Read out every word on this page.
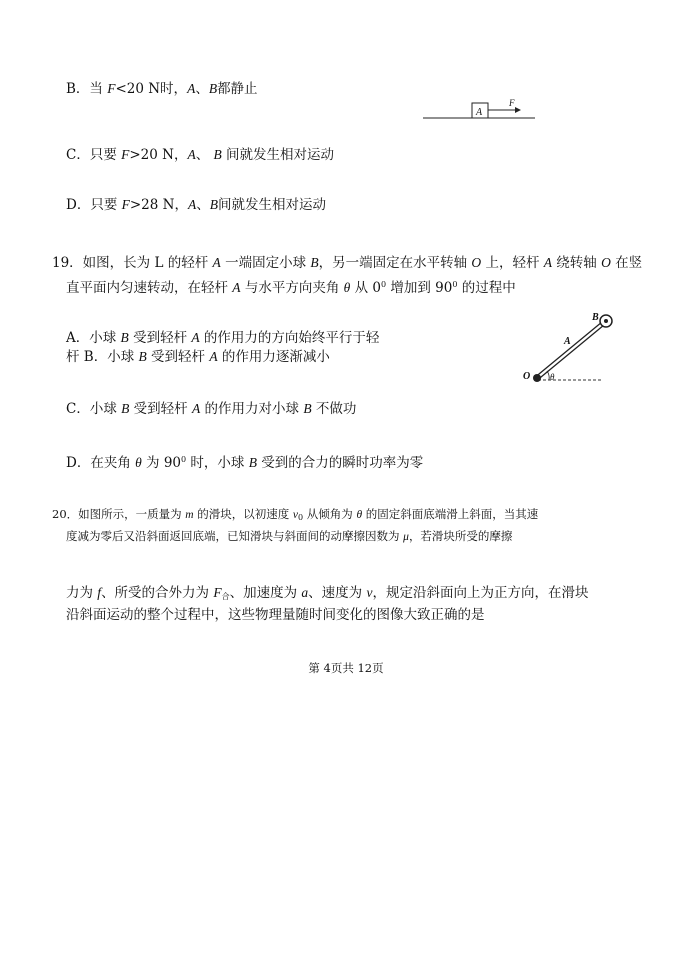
B．当 F<20 N时，A、B都静止
A
F
C．只要 F>20 N，A、 B 间就发生相对运动
D．只要 F>28 N，A、B间就发生相对运动
19．如图，长为 L 的轻杆 A 一端固定小球 B，另一端固定在水平转轴 O 上，轻杆 A 绕转轴 O 在竖
直平面内匀速转动，在轻杆 A 与水平方向夹角 θ 从 $0^0$ 增加到 $90^0$ 的过程中
A．小球 B 受到轻杆 A 的作用力的方向始终平行于轻
杆 B．小球 B 受到轻杆 A 的作用力逐渐减小
B
A
O θ
C．小球 B 受到轻杆 A 的作用力对小球 B 不做功
D．在夹角 θ 为 $90^0$ 时，小球 B 受到的合力的瞬时功率为零
20．如图所示，一质量为 m 的滑块，以初速度 $v_0$ 从倾角为 θ 的固定斜面底端滑上斜面，当其速
度减为零后又沿斜面返回底端，已知滑块与斜面间的动摩擦因数为 μ，若滑块所受的摩擦
力为 f、所受的合外力为 $F_合$、加速度为 a、速度为 v，规定沿斜面向上为正方向，在滑块
沿斜面运动的整个过程中，这些物理量随时间变化的图像大致正确的是
第 4页共 12页
